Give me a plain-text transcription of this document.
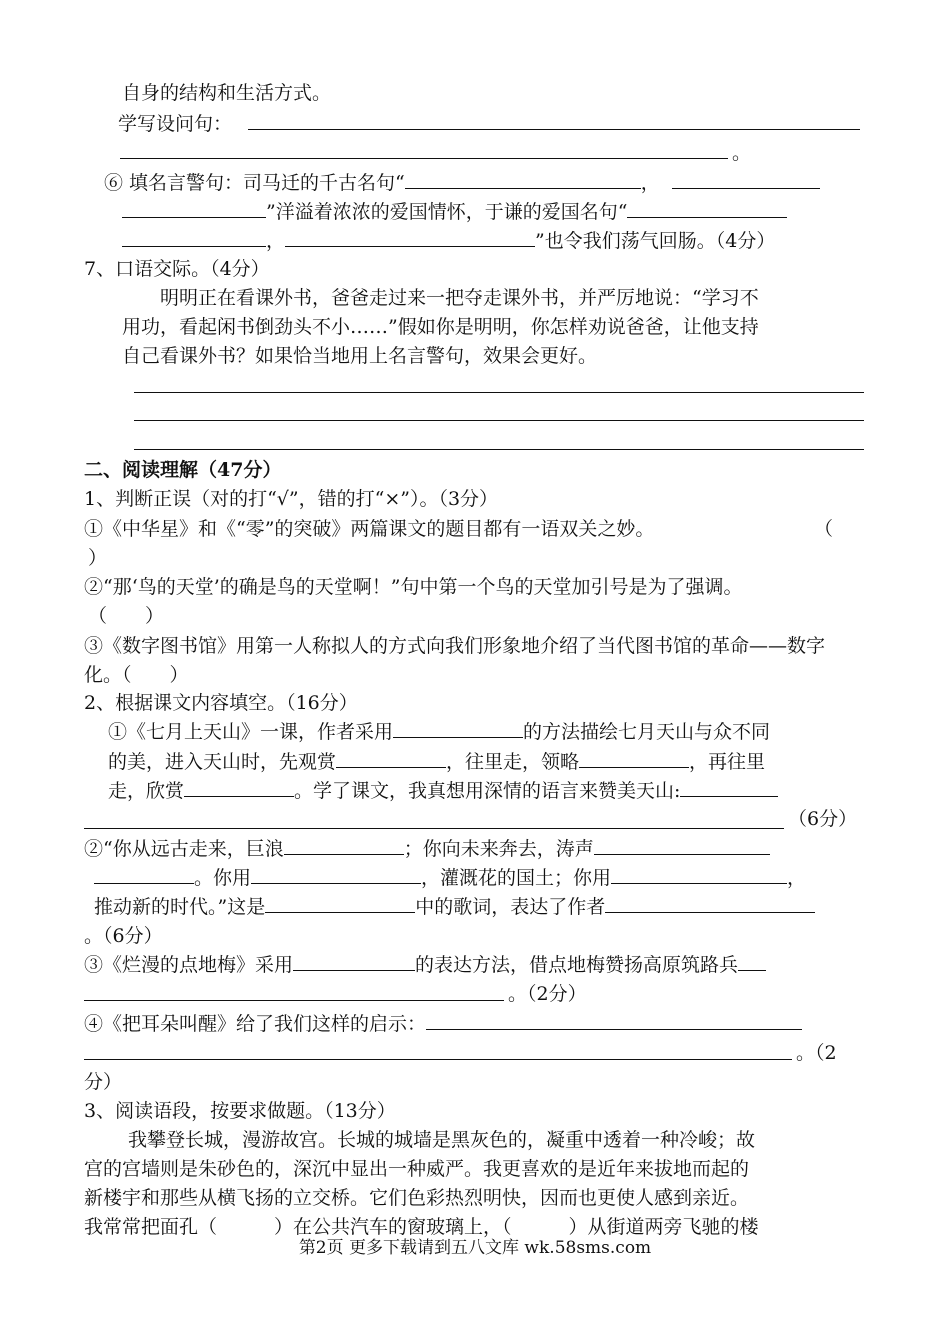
自身的结构和生活方式。
学写设问句：
。
⑥ 填名言警句：司马迁的千古名句“	，
”洋溢着浓浓的爱国情怀，于谦的爱国名句“
，	”也令我们荡气回肠。（4分）
7、口语交际。（4分）
明明正在看课外书，爸爸走过来一把夺走课外书，并严厉地说：“学习不
用功，看起闲书倒劲头不小……”假如你是明明，你怎样劝说爸爸，让他支持
自己看课外书？如果恰当地用上名言警句，效果会更好。
二、阅读理解（47分）
1、判断正误（对的打“√”，错的打“×”）。（3分）
①《中华星》和《“零”的突破》两篇课文的题目都有一语双关之妙。	（
）
②“那‘鸟的天堂’的确是鸟的天堂啊！”句中第一个鸟的天堂加引号是为了强调。
（　　）
③《数字图书馆》用第一人称拟人的方式向我们形象地介绍了当代图书馆的革命——数字
化。（　　）
2、根据课文内容填空。（16分）
①《七月上天山》一课，作者采用	的方法描绘七月天山与众不同
的美，进入天山时，先观赏	，往里走，领略	，再往里
走，欣赏	。学了课文，我真想用深情的语言来赞美天山:
（6分）
②“你从远古走来，巨浪	；你向未来奔去，涛声
。你用	，灌溉花的国土；你用	，
推动新的时代。”这是	中的歌词，表达了作者
。（6分）
③《烂漫的点地梅》采用	的表达方法，借点地梅赞扬高原筑路兵
。（2分）
④《把耳朵叫醒》给了我们这样的启示：
。（2
分）
3、阅读语段，按要求做题。（13分）
我攀登长城，漫游故宫。长城的城墙是黑灰色的，凝重中透着一种冷峻；故
宫的宫墙则是朱砂色的，深沉中显出一种威严。我更喜欢的是近年来拔地而起的
新楼宇和那些从横飞扬的立交桥。它们色彩热烈明快，因而也更使人感到亲近。
我常常把面孔（　　　）在公共汽车的窗玻璃上，（　　　）从街道两旁飞驰的楼
第2页 更多下载请到五八文库 wk.58sms.com
